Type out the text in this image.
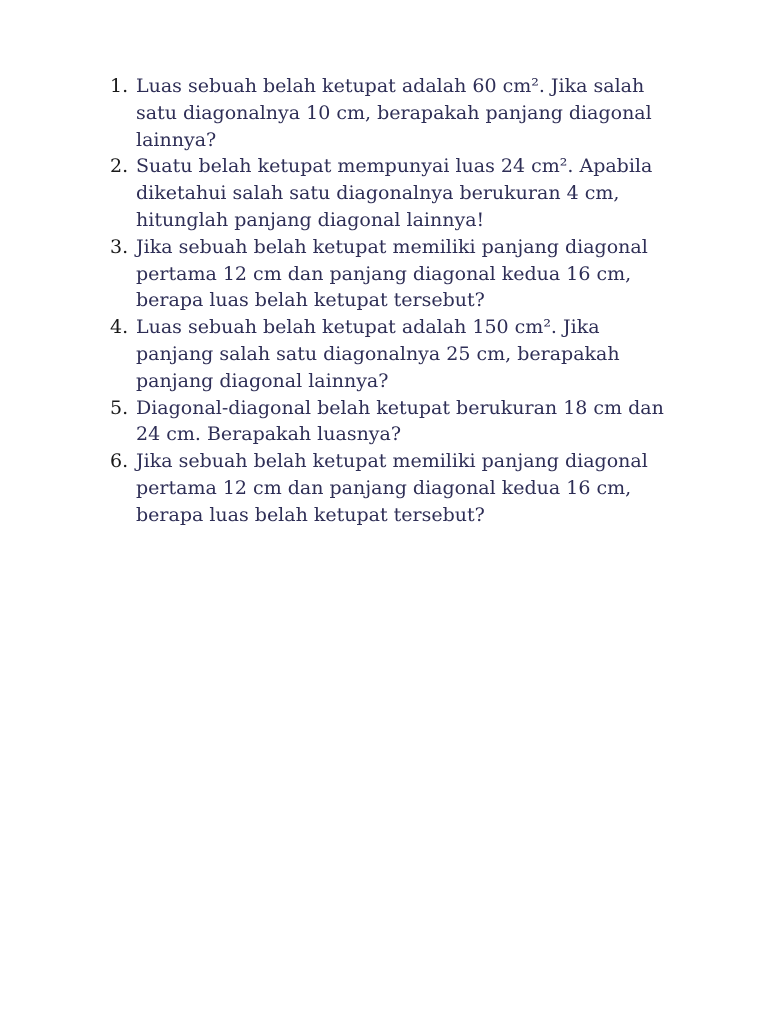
1. Luas sebuah belah ketupat adalah 60 cm². Jika salah satu diagonalnya 10 cm, berapakah panjang diagonal lainnya?
2. Suatu belah ketupat mempunyai luas 24 cm². Apabila diketahui salah satu diagonalnya berukuran 4 cm, hitunglah panjang diagonal lainnya!
3. Jika sebuah belah ketupat memiliki panjang diagonal pertama 12 cm dan panjang diagonal kedua 16 cm, berapa luas belah ketupat tersebut?
4. Luas sebuah belah ketupat adalah 150 cm². Jika panjang salah satu diagonalnya 25 cm, berapakah panjang diagonal lainnya?
5. Diagonal-diagonal belah ketupat berukuran 18 cm dan 24 cm. Berapakah luasnya?
6. Jika sebuah belah ketupat memiliki panjang diagonal pertama 12 cm dan panjang diagonal kedua 16 cm, berapa luas belah ketupat tersebut?
